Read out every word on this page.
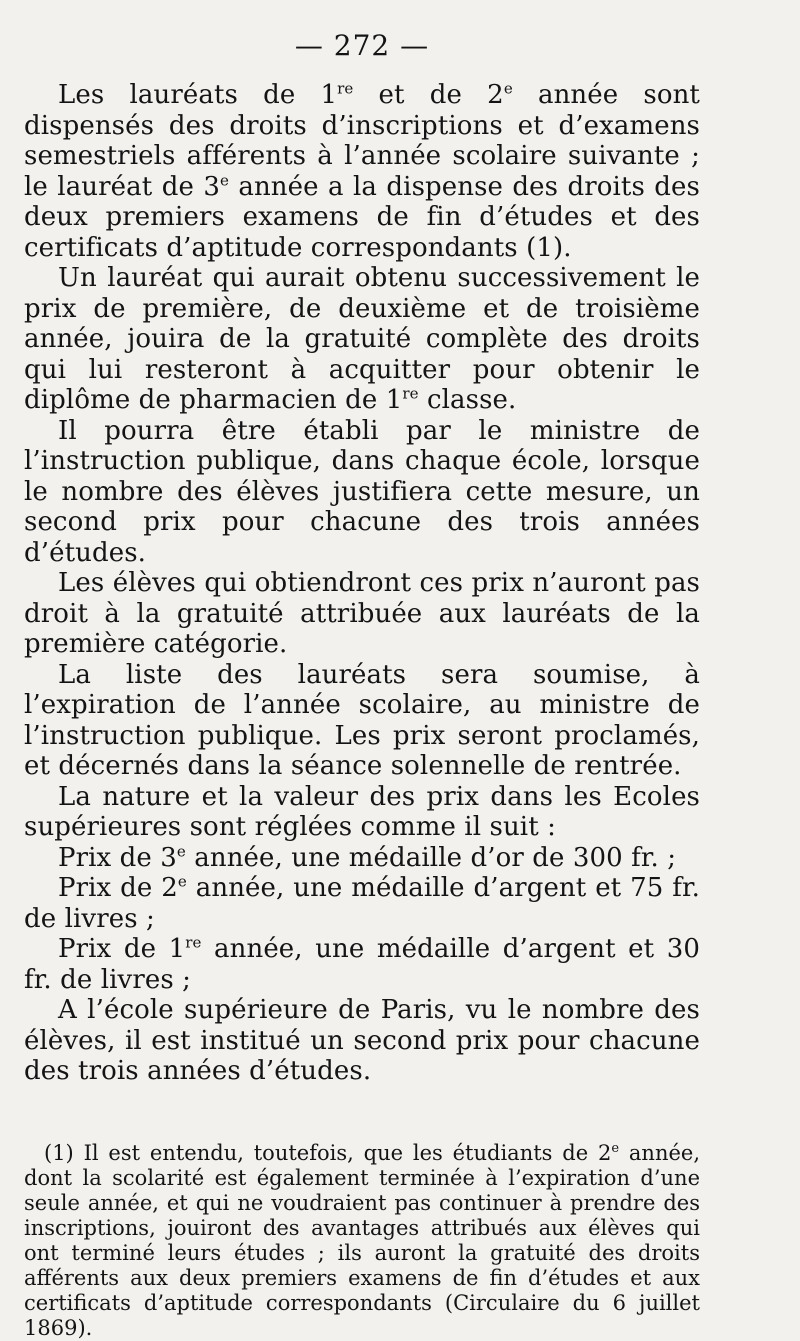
— 272 —

Les lauréats de 1re et de 2e année sont dispensés des droits d’inscriptions et d’examens semestriels afférents à l’année scolaire suivante ; le lauréat de 3e année a la dispense des droits des deux premiers examens de fin d’études et des certificats d’aptitude correspondants (1).

Un lauréat qui aurait obtenu successivement le prix de première, de deuxième et de troisième année, jouira de la gratuité complète des droits qui lui resteront à acquitter pour obtenir le diplôme de pharmacien de 1re classe.

Il pourra être établi par le ministre de l’instruction publique, dans chaque école, lorsque le nombre des élèves justifiera cette mesure, un second prix pour chacune des trois années d’études.

Les élèves qui obtiendront ces prix n’auront pas droit à la gratuité attribuée aux lauréats de la première catégorie.

La liste des lauréats sera soumise, à l’expiration de l’année scolaire, au ministre de l’instruction publique. Les prix seront proclamés, et décernés dans la séance solennelle de rentrée.

La nature et la valeur des prix dans les Ecoles supérieures sont réglées comme il suit :

Prix de 3e année, une médaille d’or de 300 fr. ;

Prix de 2e année, une médaille d’argent et 75 fr. de livres ;

Prix de 1re année, une médaille d’argent et 30 fr. de livres ;

A l’école supérieure de Paris, vu le nombre des élèves, il est institué un second prix pour chacune des trois années d’études.

(1) Il est entendu, toutefois, que les étudiants de 2e année, dont la scolarité est également terminée à l’expiration d’une seule année, et qui ne voudraient pas continuer à prendre des inscriptions, jouiront des avantages attribués aux élèves qui ont terminé leurs études ; ils auront la gratuité des droits afférents aux deux premiers examens de fin d’études et aux certificats d’aptitude correspondants (Circulaire du 6 juillet 1869).
